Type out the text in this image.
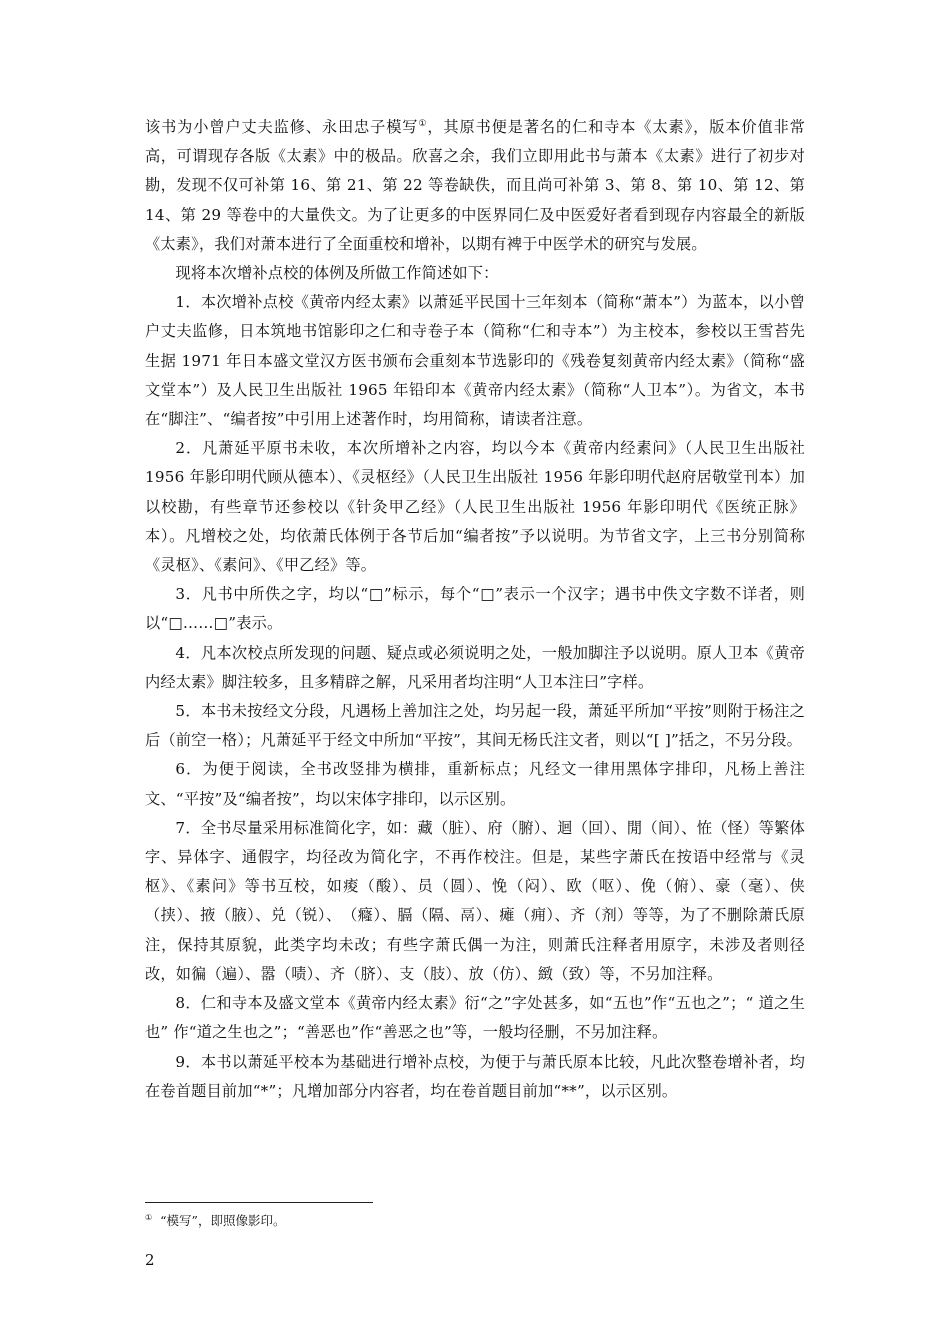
该书为小曾户丈夫监修、永田忠子模写①，其原书便是著名的仁和寺本《太素》，版本价值非常高，可谓现存各版《太素》中的极品。欣喜之余，我们立即用此书与萧本《太素》进行了初步对勘，发现不仅可补第 16、第 21、第 22 等卷缺佚，而且尚可补第 3、第 8、第 10、第 12、第 14、第 29 等卷中的大量佚文。为了让更多的中医界同仁及中医爱好者看到现存内容最全的新版《太素》，我们对萧本进行了全面重校和增补，以期有裨于中医学术的研究与发展。

现将本次增补点校的体例及所做工作简述如下：

1．本次增补点校《黄帝内经太素》以萧延平民国十三年刻本（简称“萧本”）为蓝本，以小曾户丈夫监修，日本筑地书馆影印之仁和寺卷子本（简称“仁和寺本”）为主校本，参校以王雪苔先生据 1971 年日本盛文堂汉方医书颁布会重刻本节选影印的《残卷复刻黄帝内经太素》（简称“盛文堂本”）及人民卫生出版社 1965 年铅印本《黄帝内经太素》（简称“人卫本”）。为省文，本书在“脚注”、“编者按”中引用上述著作时，均用简称，请读者注意。

2．凡萧延平原书未收，本次所增补之内容，均以今本《黄帝内经素问》（人民卫生出版社 1956 年影印明代顾从德本）、《灵枢经》（人民卫生出版社 1956 年影印明代赵府居敬堂刊本）加以校勘，有些章节还参校以《针灸甲乙经》（人民卫生出版社 1956 年影印明代《医统正脉》本）。凡增校之处，均依萧氏体例于各节后加“编者按”予以说明。为节省文字，上三书分别简称《灵枢》、《素问》、《甲乙经》等。

3．凡书中所佚之字，均以“□”标示，每个“□”表示一个汉字；遇书中佚文字数不详者，则以“□……□”表示。

4．凡本次校点所发现的问题、疑点或必须说明之处，一般加脚注予以说明。原人卫本《黄帝内经太素》脚注较多，且多精辟之解，凡采用者均注明“人卫本注曰”字样。

5．本书未按经文分段，凡遇杨上善加注之处，均另起一段，萧延平所加“平按”则附于杨注之后（前空一格）；凡萧延平于经文中所加“平按”，其间无杨氏注文者，则以“[ ]”括之，不另分段。

6．为便于阅读，全书改竖排为横排，重新标点；凡经文一律用黑体字排印，凡杨上善注文、“平按”及“编者按”，均以宋体字排印，以示区别。

7．全书尽量采用标准简化字，如：藏（脏）、府（腑）、迴（回）、閒（间）、恠（怪）等繁体字、异体字、通假字，均径改为简化字，不再作校注。但是，某些字萧氏在按语中经常与《灵枢》、《素问》等书互校，如痠（酸）、员（圆）、悗（闷）、欧（呕）、俛（俯）、豪（毫）、侠（挟）、掖（腋）、兑（锐）、　（癃）、膈（隔、鬲）、瘫（痈）、齐（剂）等等，为了不删除萧氏原注，保持其原貌，此类字均未改；有些字萧氏偶一为注，则萧氏注释者用原字，未涉及者则径改，如徧（遍）、嚣（啧）、齐（脐）、支（肢）、放（仿）、緻（致）等，不另加注释。

8．仁和寺本及盛文堂本《黄帝内经太素》衍“之”字处甚多，如“五也”作“五也之”；“ 道之生也” 作“道之生也之”；“善恶也”作“善恶之也”等，一般均径删，不另加注释。

9．本书以萧延平校本为基础进行增补点校，为便于与萧氏原本比较，凡此次整卷增补者，均在卷首题目前加“*”；凡增加部分内容者，均在卷首题目前加“**”，以示区别。

① “模写”，即照像影印。
2
